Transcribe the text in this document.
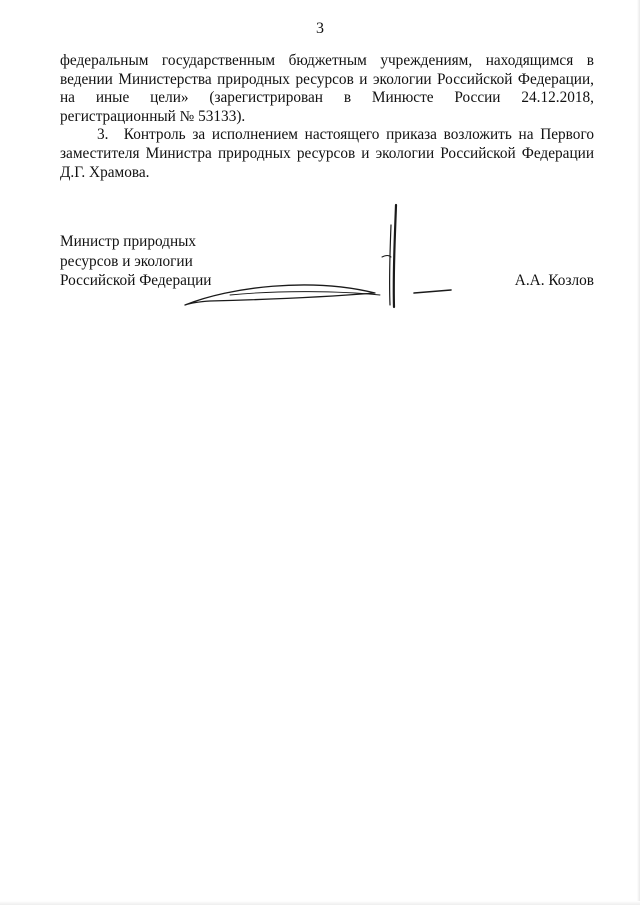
3

федеральным государственным бюджетным учреждениям, находящимся в ведении Министерства природных ресурсов и экологии Российской Федерации, на иные цели» (зарегистрирован в Минюсте России 24.12.2018, регистрационный № 53133).

3. Контроль за исполнением настоящего приказа возложить на Первого заместителя Министра природных ресурсов и экологии Российской Федерации Д.Г. Храмова.

Министр природных
ресурсов и экологии
Российской Федерации	А.А. Козлов
